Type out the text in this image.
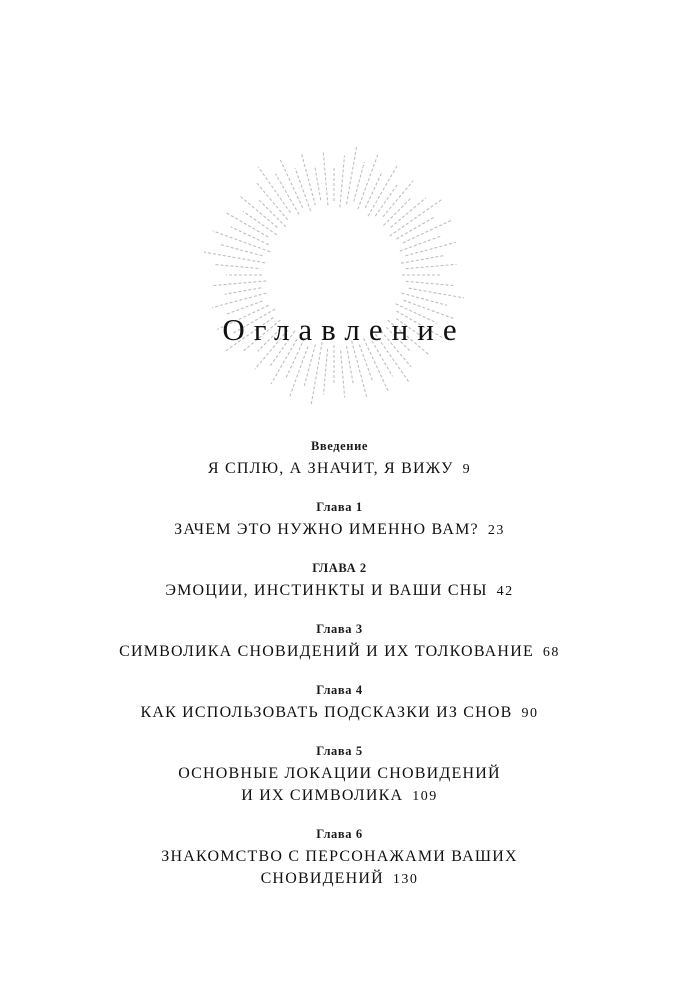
Оглавление
Введение
Я СПЛЮ, А ЗНАЧИТ, Я ВИЖУ 9
Глава 1
ЗАЧЕМ ЭТО НУЖНО ИМЕННО ВАМ? 23
ГЛАВА 2
ЭМОЦИИ, ИНСТИНКТЫ И ВАШИ СНЫ 42
Глава 3
СИМВОЛИКА СНОВИДЕНИЙ И ИХ ТОЛКОВАНИЕ 68
Глава 4
КАК ИСПОЛЬЗОВАТЬ ПОДСКАЗКИ ИЗ СНОВ 90
Глава 5
ОСНОВНЫЕ ЛОКАЦИИ СНОВИДЕНИЙ
И ИХ СИМВОЛИКА 109
Глава 6
ЗНАКОМСТВО С ПЕРСОНАЖАМИ ВАШИХ
СНОВИДЕНИЙ 130
